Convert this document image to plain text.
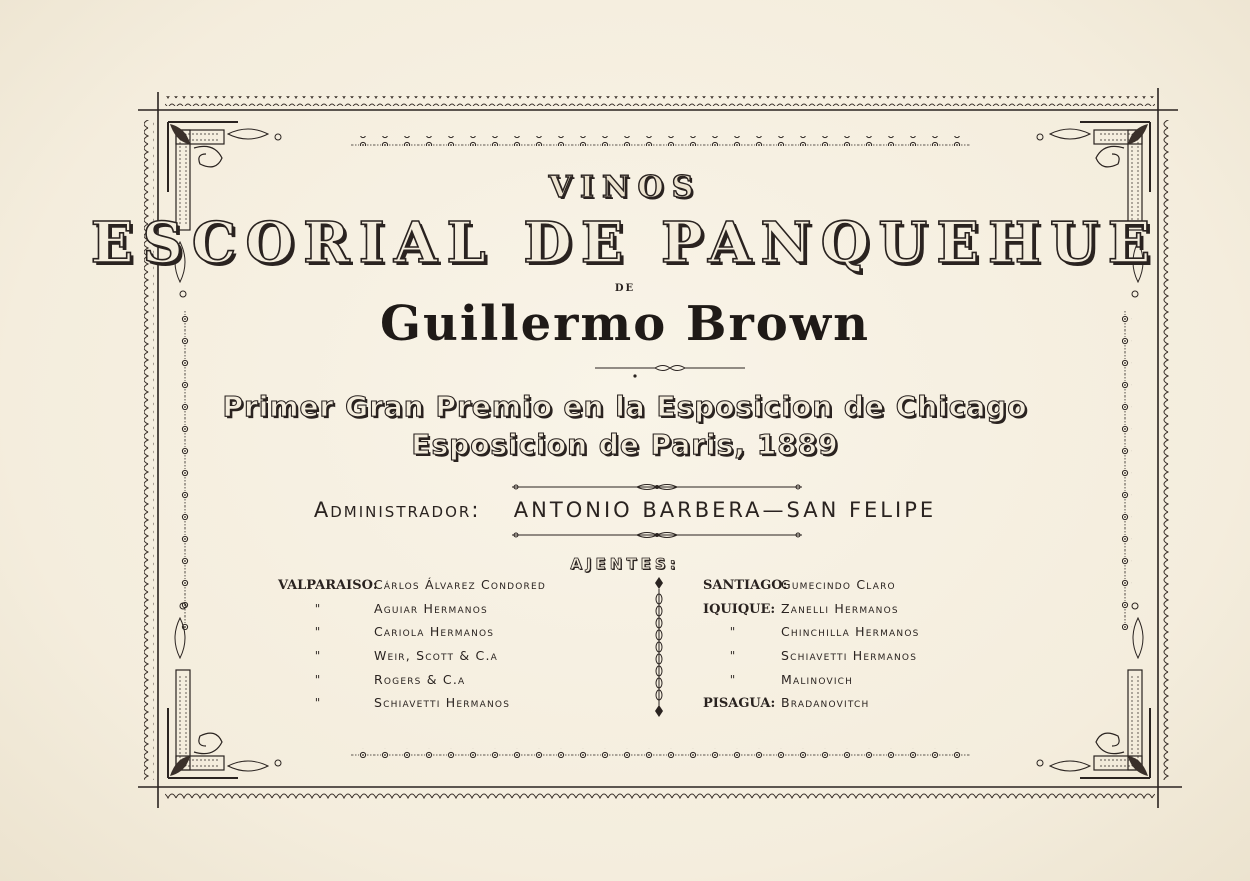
VINOS
ESCORIAL DE PANQUEHUE
DE
Guillermo Brown
Primer Gran Premio en la Esposicion de Chicago
Esposicion de Paris, 1889
Administrador: ANTONIO BARBERA—SAN FELIPE
AJENTES:
VALPARAISO:Cárlos Álvarez Condored
"	Aguiar Hermanos
"	Cariola Hermanos
"	Weir, Scott & C.a
"	Rogers & C.a
"	Schiavetti Hermanos
SANTIAGO:Gumecindo Claro
IQUIQUE: Zanelli Hermanos
"	Chinchilla Hermanos
"	Schiavetti Hermanos
"	Malinovich
PISAGUA: Bradanovitch
